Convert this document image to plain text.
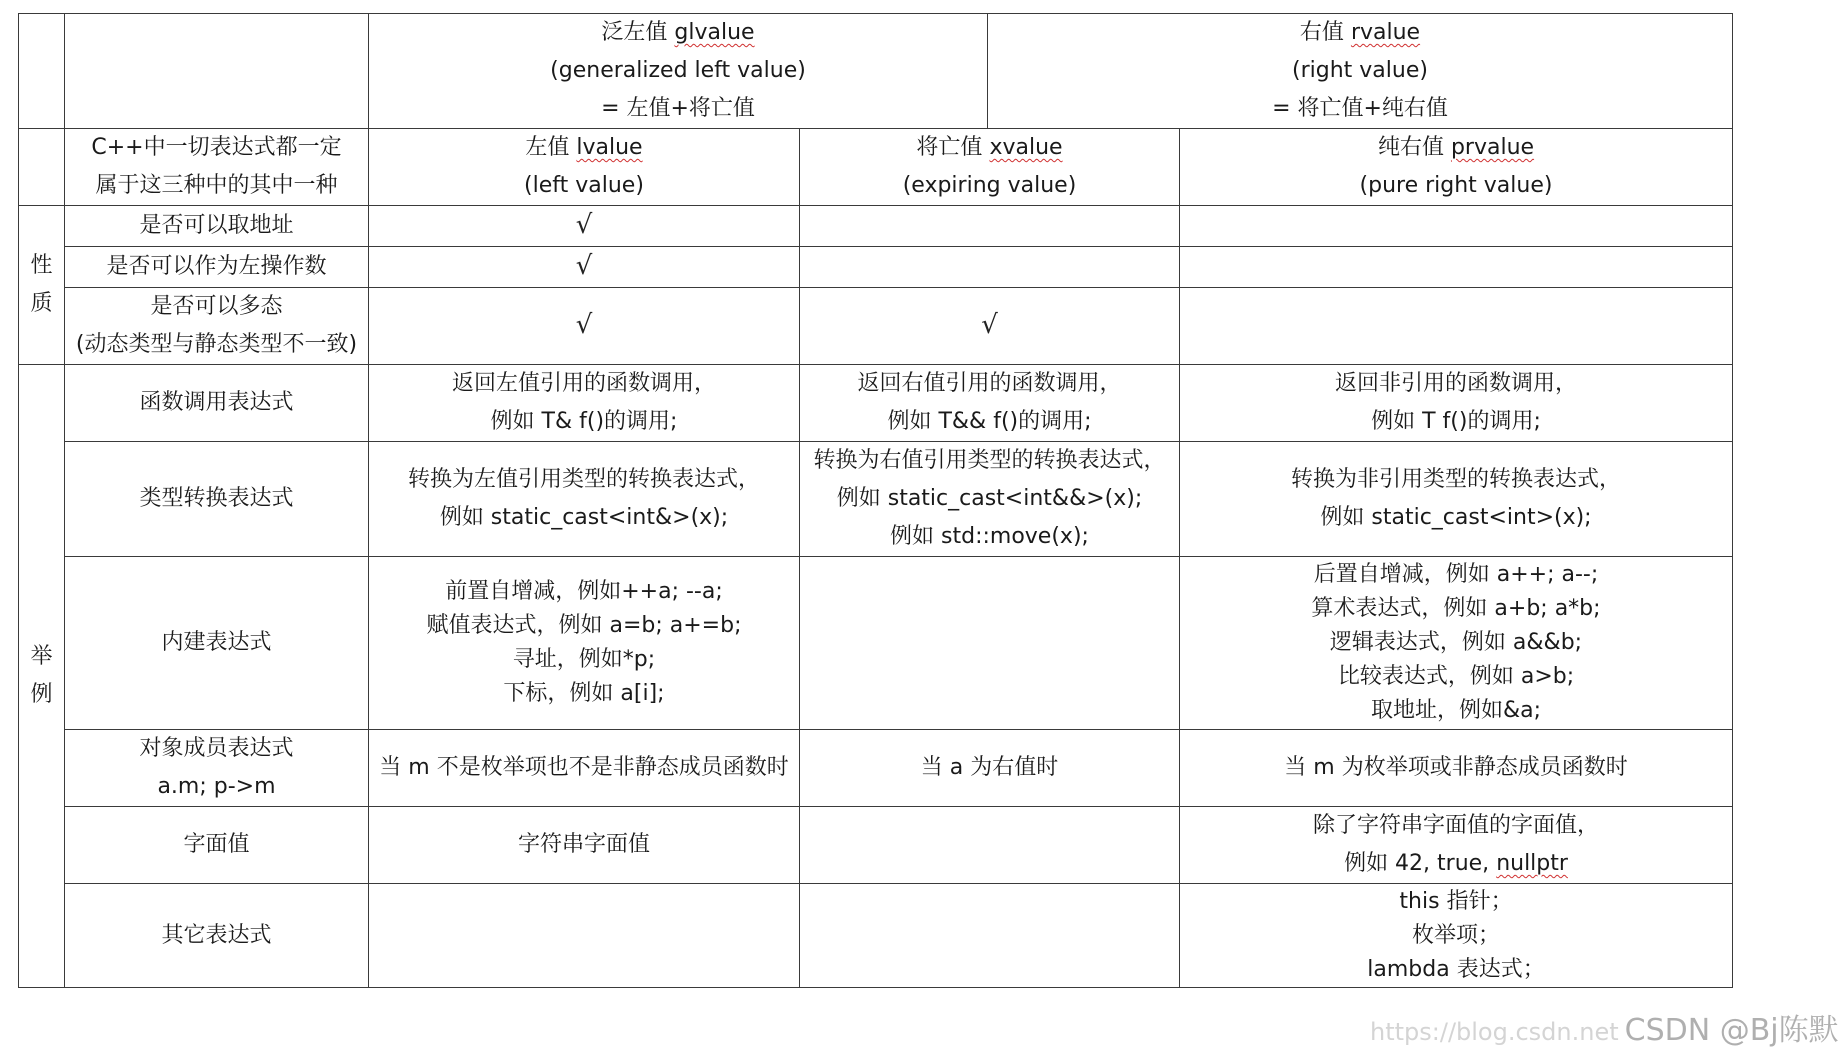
		泛左值 glvalue
(generalized left value)
= 左值+将亡值		右值 rvalue
(right value)
= 将亡值+纯右值	

	C++中一切表达式都一定
属于这三种中的其中一种	左值 lvalue
(left value)	将亡值 xvalue
(expiring value)		纯右值 prvalue
(pure right value)

性
质	是否可以取地址	√			
	是否可以作为左操作数	√			

	是否可以多态
(动态类型与静态类型不一致)	√	√		

举
例	函数调用表达式	返回左值引用的函数调用，
例如 T& f()的调用;	返回右值引用的函数调用，
例如 T&& f()的调用;		返回非引用的函数调用，
例如 T f()的调用;

	类型转换表达式	转换为左值引用类型的转换表达式，
例如 static_cast<int&>(x);	转换为右值引用类型的转换表达式，
例如 static_cast<int&&>(x);
例如 std::move(x);		转换为非引用类型的转换表达式，
例如 static_cast<int>(x);

	内建表达式	前置自增减，例如++a; --a;
赋值表达式，例如 a=b; a+=b;
寻址，例如*p;
下标，例如 a[i];			后置自增减，例如 a++; a--;
算术表达式，例如 a+b; a*b;
逻辑表达式，例如 a&&b;
比较表达式，例如 a>b;
取地址，例如&a;

	对象成员表达式
a.m; p->m	当 m 不是枚举项也不是非静态成员函数时	当 a 为右值时		当 m 为枚举项或非静态成员函数时
	字面值	字符串字面值			除了字符串字面值的字面值，
例如 42, true, nullptr

	其它表达式				this 指针；
枚举项；
lambda 表达式；
https://blog.csdn.net CSDN @Bj陈默
